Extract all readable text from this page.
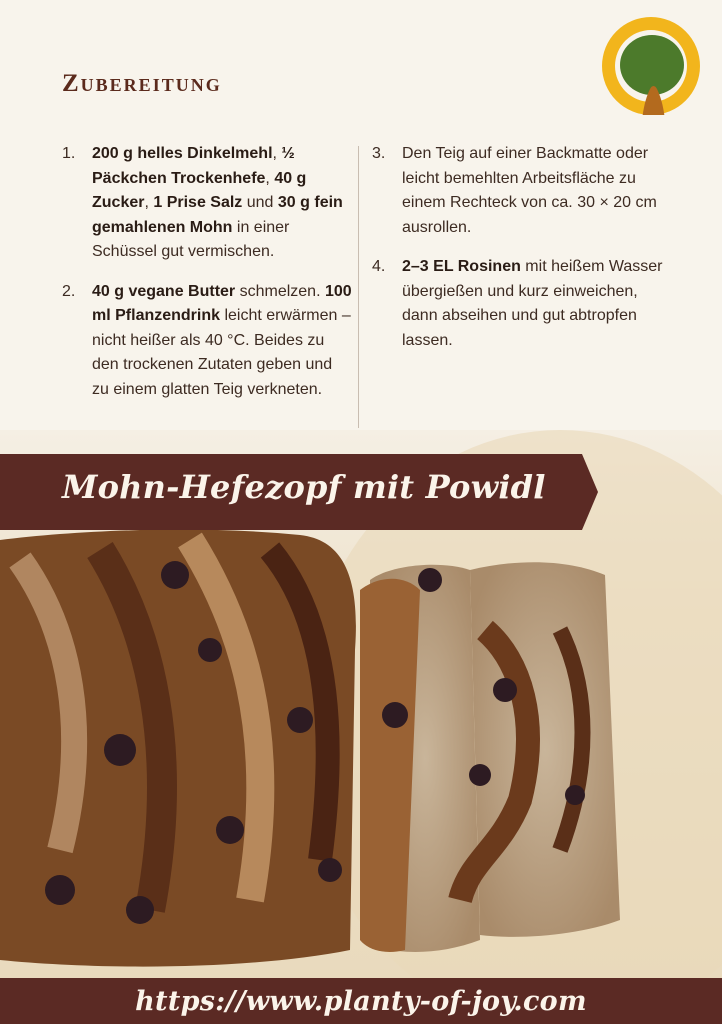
Zubereitung
1.	200 g helles Dinkelmehl, ½ Päckchen Trockenhefe, 40 g Zucker, 1 Prise Salz und 30 g fein gemahlenen Mohn in einer Schüssel gut vermischen.
2.	40 g vegane Butter schmelzen. 100 ml Pflanzendrink leicht erwärmen – nicht heißer als 40 °C. Beides zu den trockenen Zutaten geben und zu einem glatten Teig verkneten.
3.	Den Teig auf einer Backmatte oder leicht bemehlten Arbeitsfläche zu einem Rechteck von ca. 30 × 20 cm ausrollen.
4.	2–3 EL Rosinen mit heißem Wasser übergießen und kurz einweichen, dann abseihen und gut abtropfen lassen.
Mohn-Hefezopf mit Powidl
https://www.planty-of-joy.com
